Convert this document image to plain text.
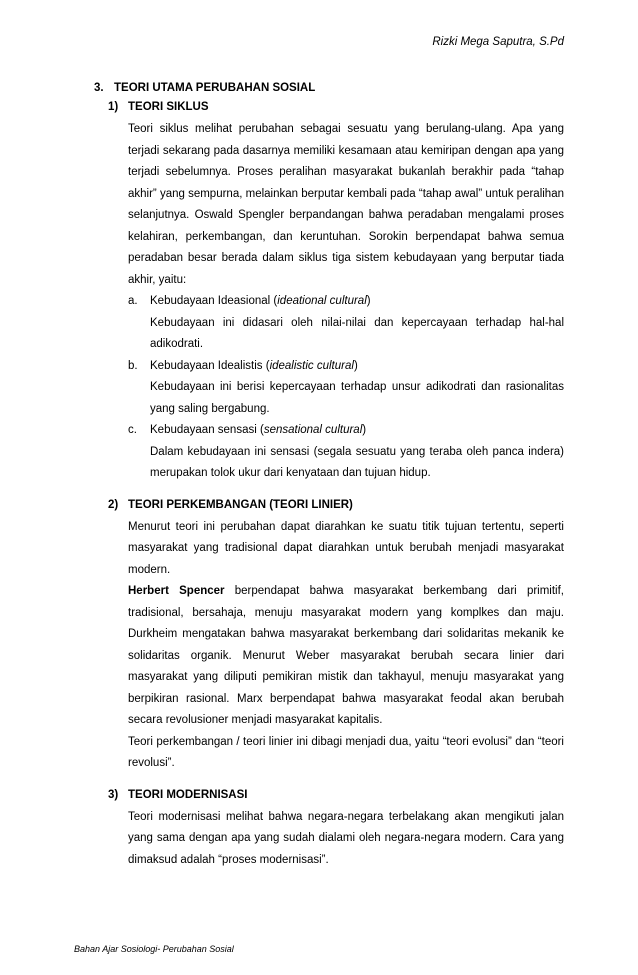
Rizki Mega Saputra, S.Pd

3. TEORI UTAMA PERUBAHAN SOSIAL

1) TEORI SIKLUS

Teori siklus melihat perubahan sebagai sesuatu yang berulang-ulang. Apa yang terjadi sekarang pada dasarnya memiliki kesamaan atau kemiripan dengan apa yang terjadi sebelumnya. Proses peralihan masyarakat bukanlah berakhir pada “tahap akhir” yang sempurna, melainkan berputar kembali pada “tahap awal” untuk peralihan selanjutnya. Oswald Spengler berpandangan bahwa peradaban mengalami proses kelahiran, perkembangan, dan keruntuhan. Sorokin berpendapat bahwa semua peradaban besar berada dalam siklus tiga sistem kebudayaan yang berputar tiada akhir, yaitu:

a. Kebudayaan Ideasional (ideational cultural)

Kebudayaan ini didasari oleh nilai-nilai dan kepercayaan terhadap hal-hal adikodrati.

b. Kebudayaan Idealistis (idealistic cultural)

Kebudayaan ini berisi kepercayaan terhadap unsur adikodrati dan rasionalitas yang saling bergabung.

c. Kebudayaan sensasi (sensational cultural)

Dalam kebudayaan ini sensasi (segala sesuatu yang teraba oleh panca indera) merupakan tolok ukur dari kenyataan dan tujuan hidup.

2) TEORI PERKEMBANGAN (TEORI LINIER)

Menurut teori ini perubahan dapat diarahkan ke suatu titik tujuan tertentu, seperti masyarakat yang tradisional dapat diarahkan untuk berubah menjadi masyarakat modern.

Herbert Spencer berpendapat bahwa masyarakat berkembang dari primitif, tradisional, bersahaja, menuju masyarakat modern yang komplkes dan maju. Durkheim mengatakan bahwa masyarakat berkembang dari solidaritas mekanik ke solidaritas organik. Menurut Weber masyarakat berubah secara linier dari masyarakat yang diliputi pemikiran mistik dan takhayul, menuju masyarakat yang berpikiran rasional. Marx berpendapat bahwa masyarakat feodal akan berubah secara revolusioner menjadi masyarakat kapitalis.

Teori perkembangan / teori linier ini dibagi menjadi dua, yaitu “teori evolusi” dan “teori revolusi”.

3) TEORI MODERNISASI

Teori modernisasi melihat bahwa negara-negara terbelakang akan mengikuti jalan yang sama dengan apa yang sudah dialami oleh negara-negara modern. Cara yang dimaksud adalah “proses modernisasi”.

Bahan Ajar Sosiologi- Perubahan Sosial
